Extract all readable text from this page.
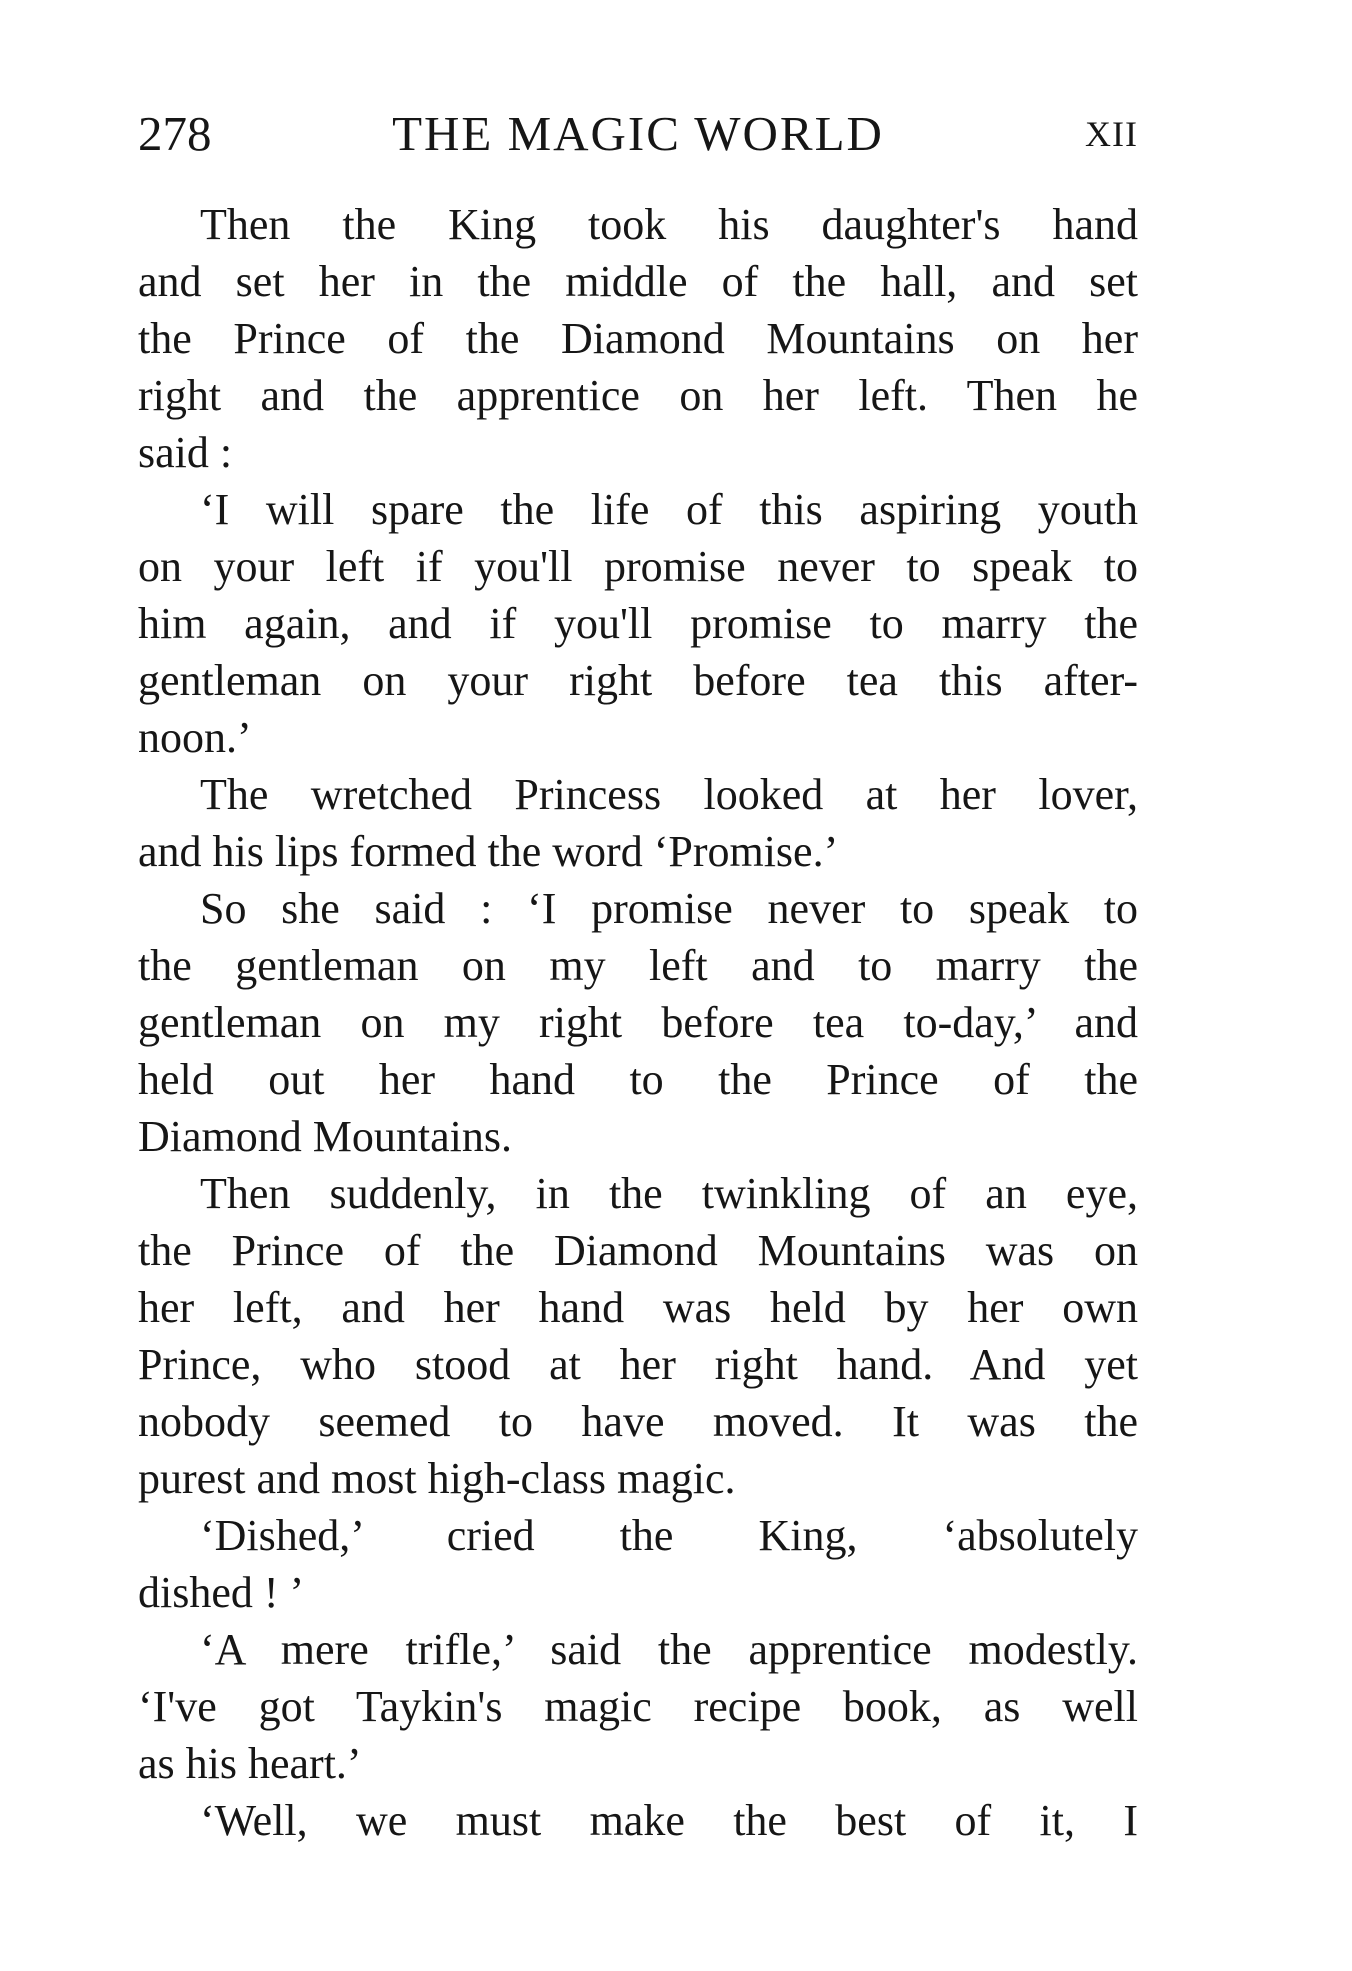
278	THE MAGIC WORLD	XII
Then the King took his daughter's hand
and set her in the middle of the hall, and set
the Prince of the Diamond Mountains on her
right and the apprentice on her left. Then he
said :
‘I will spare the life of this aspiring youth
on your left if you'll promise never to speak to
him again, and if you'll promise to marry the
gentleman on your right before tea this after-
noon.’
The wretched Princess looked at her lover,
and his lips formed the word ‘Promise.’
So she said : ‘I promise never to speak to
the gentleman on my left and to marry the
gentleman on my right before tea to-day,’ and
held out her hand to the Prince of the
Diamond Mountains.
Then suddenly, in the twinkling of an eye,
the Prince of the Diamond Mountains was on
her left, and her hand was held by her own
Prince, who stood at her right hand. And yet
nobody seemed to have moved. It was the
purest and most high-class magic.
‘Dished,’ cried the King, ‘absolutely
dished ! ’
‘A mere trifle,’ said the apprentice modestly.
‘I've got Taykin's magic recipe book, as well
as his heart.’
‘Well, we must make the best of it, I
